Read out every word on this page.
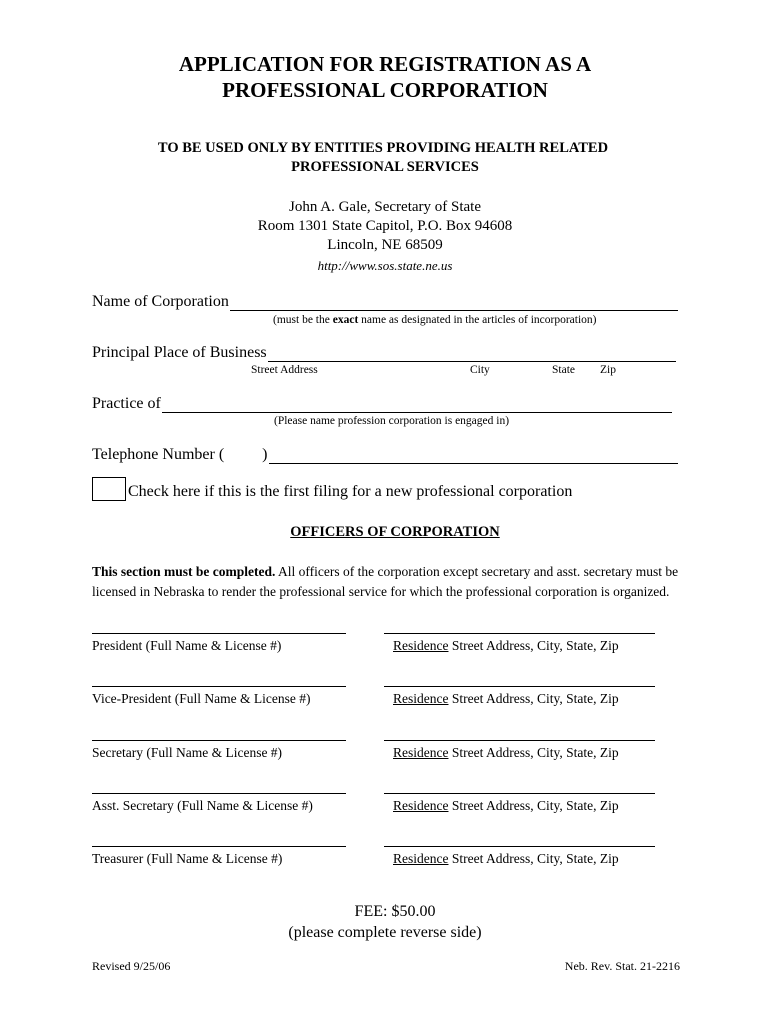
APPLICATION FOR REGISTRATION AS A
PROFESSIONAL CORPORATION
TO BE USED ONLY BY ENTITIES PROVIDING HEALTH RELATED
PROFESSIONAL SERVICES
John A. Gale, Secretary of State
Room 1301 State Capitol, P.O. Box 94608
Lincoln, NE 68509
http://www.sos.state.ne.us
Name of Corporation
(must be the exact name as designated in the articles of incorporation)
Principal Place of Business
Street Address	City	State Zip
Practice of
(Please name profession corporation is engaged in)
Telephone Number ( )
Check here if this is the first filing for a new professional corporation
OFFICERS OF CORPORATION
This section must be completed. All officers of the corporation except secretary and asst. secretary must be licensed in Nebraska to render the professional service for which the professional corporation is organized.
President (Full Name & License #)	Residence Street Address, City, State, Zip
Vice-President (Full Name & License #)	Residence Street Address, City, State, Zip
Secretary (Full Name & License #)	Residence Street Address, City, State, Zip
Asst. Secretary (Full Name & License #)	Residence Street Address, City, State, Zip
Treasurer (Full Name & License #)	Residence Street Address, City, State, Zip
FEE: $50.00
(please complete reverse side)
Revised 9/25/06	Neb. Rev. Stat. 21-2216
